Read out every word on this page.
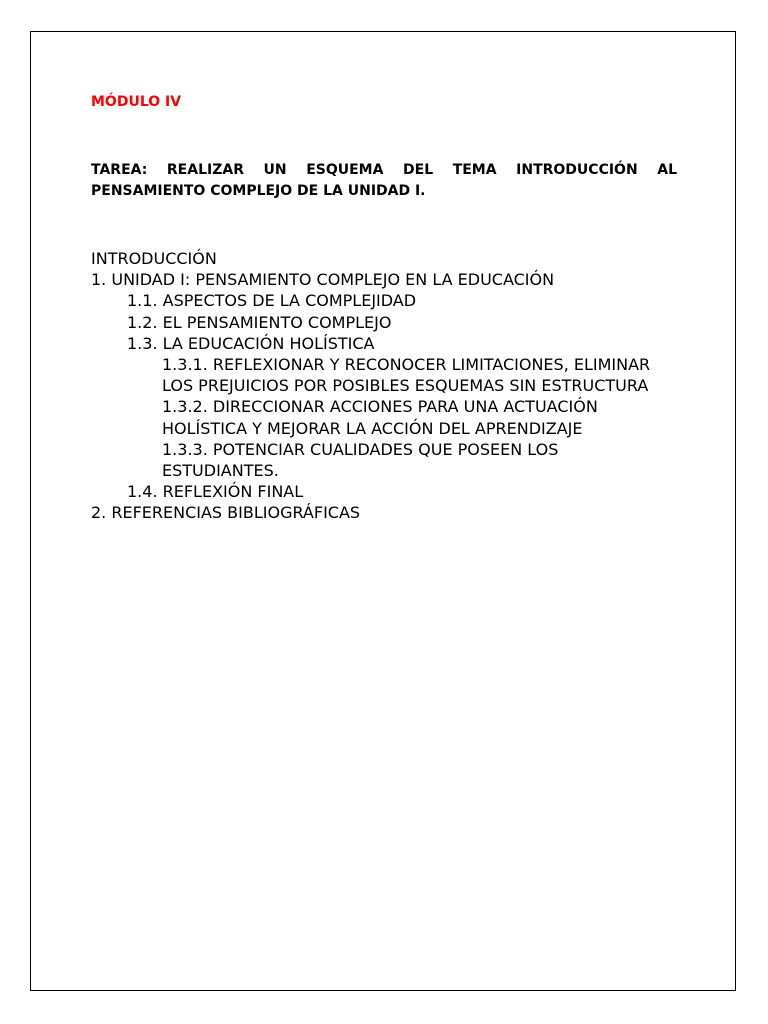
MÓDULO IV

TAREA: REALIZAR UN ESQUEMA DEL TEMA INTRODUCCIÓN AL PENSAMIENTO COMPLEJO DE LA UNIDAD I.

INTRODUCCIÓN
1. UNIDAD I: PENSAMIENTO COMPLEJO EN LA EDUCACIÓN
1.1. ASPECTOS DE LA COMPLEJIDAD
1.2. EL PENSAMIENTO COMPLEJO
1.3. LA EDUCACIÓN HOLÍSTICA
1.3.1. REFLEXIONAR Y RECONOCER LIMITACIONES, ELIMINAR LOS PREJUICIOS POR POSIBLES ESQUEMAS SIN ESTRUCTURA
1.3.2. DIRECCIONAR ACCIONES PARA UNA ACTUACIÓN HOLÍSTICA Y MEJORAR LA ACCIÓN DEL APRENDIZAJE
1.3.3. POTENCIAR CUALIDADES QUE POSEEN LOS ESTUDIANTES.
1.4. REFLEXIÓN FINAL
2. REFERENCIAS BIBLIOGRÁFICAS
